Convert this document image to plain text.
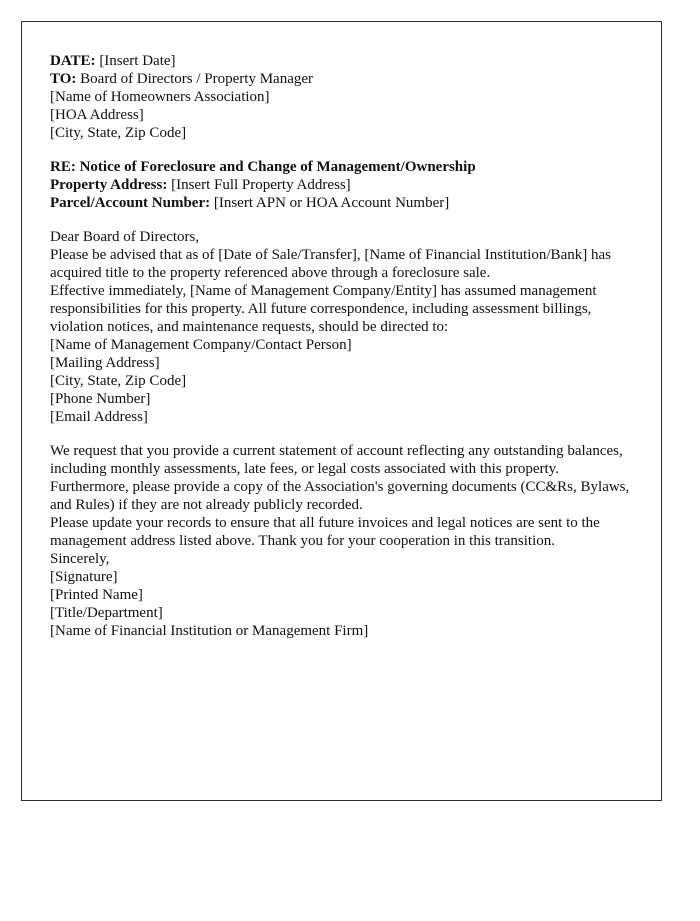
DATE: [Insert Date]

TO: Board of Directors / Property Manager

[Name of Homeowners Association]

[HOA Address]

[City, State, Zip Code]

RE: Notice of Foreclosure and Change of Management/Ownership

Property Address: [Insert Full Property Address]

Parcel/Account Number: [Insert APN or HOA Account Number]

Dear Board of Directors,

Please be advised that as of [Date of Sale/Transfer], [Name of Financial Institution/Bank] has acquired title to the property referenced above through a foreclosure sale.

Effective immediately, [Name of Management Company/Entity] has assumed management responsibilities for this property. All future correspondence, including assessment billings, violation notices, and maintenance requests, should be directed to:

[Name of Management Company/Contact Person]

[Mailing Address]

[City, State, Zip Code]

[Phone Number]

[Email Address]

We request that you provide a current statement of account reflecting any outstanding balances, including monthly assessments, late fees, or legal costs associated with this property. Furthermore, please provide a copy of the Association's governing documents (CC&Rs, Bylaws, and Rules) if they are not already publicly recorded.

Please update your records to ensure that all future invoices and legal notices are sent to the management address listed above. Thank you for your cooperation in this transition.

Sincerely,

[Signature]

[Printed Name]

[Title/Department]

[Name of Financial Institution or Management Firm]
